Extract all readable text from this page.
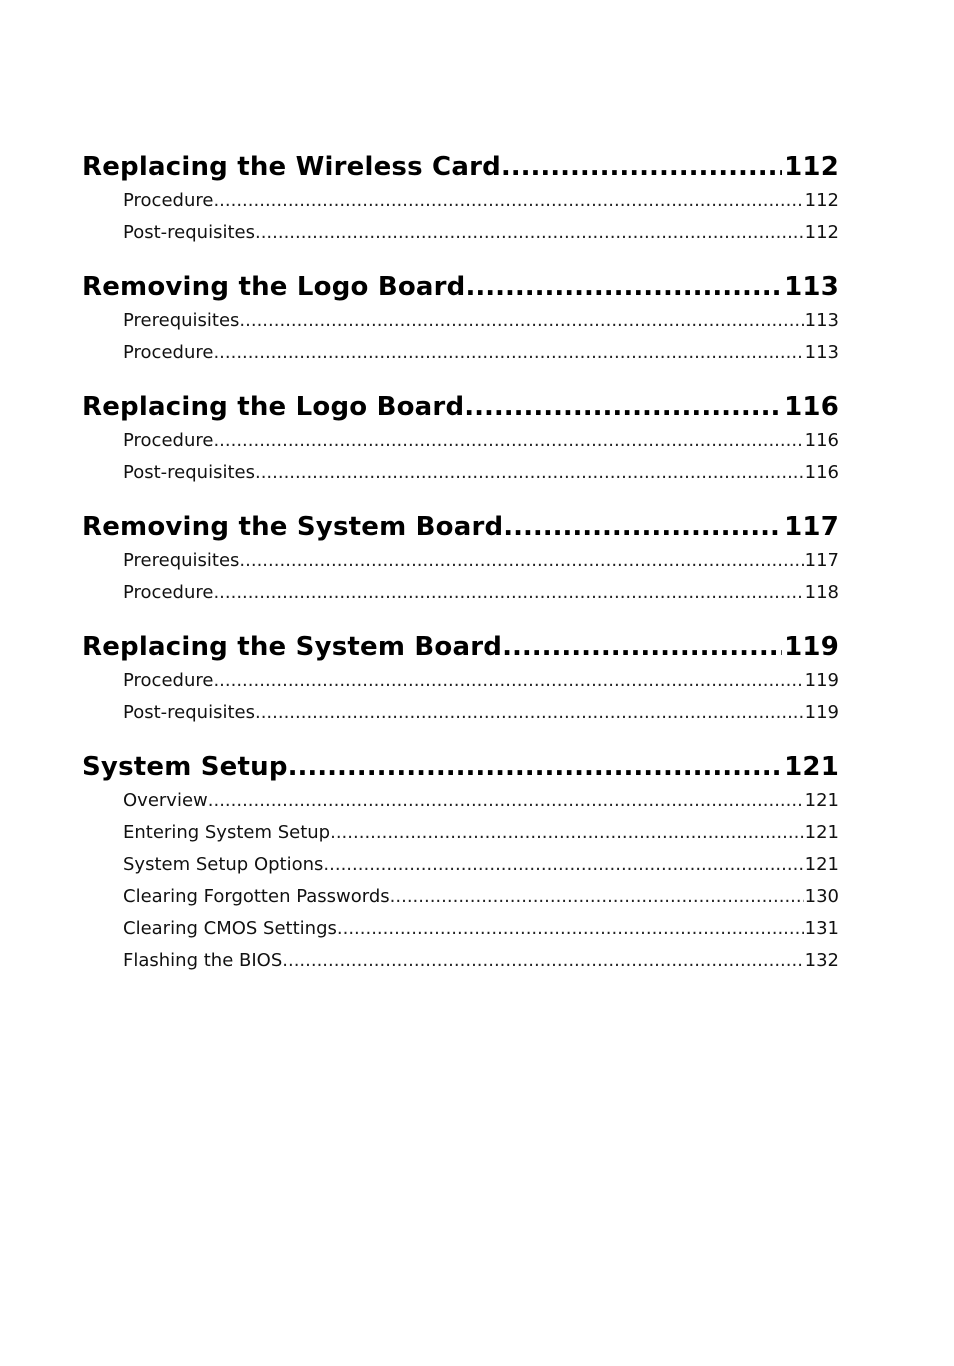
Replacing the Wireless Card .....	112
Procedure .....	112
Post-requisites .....	112
Removing the Logo Board .....	113
Prerequisites .....	113
Procedure .....	113
Replacing the Logo Board .....	116
Procedure .....	116
Post-requisites .....	116
Removing the System Board .....	117
Prerequisites .....	117
Procedure .....	118
Replacing the System Board .....	119
Procedure .....	119
Post-requisites .....	119
System Setup .....	121
Overview .....	121
Entering System Setup .....	121
System Setup Options .....	121
Clearing Forgotten Passwords .....	130
Clearing CMOS Settings .....	131
Flashing the BIOS .....	132
